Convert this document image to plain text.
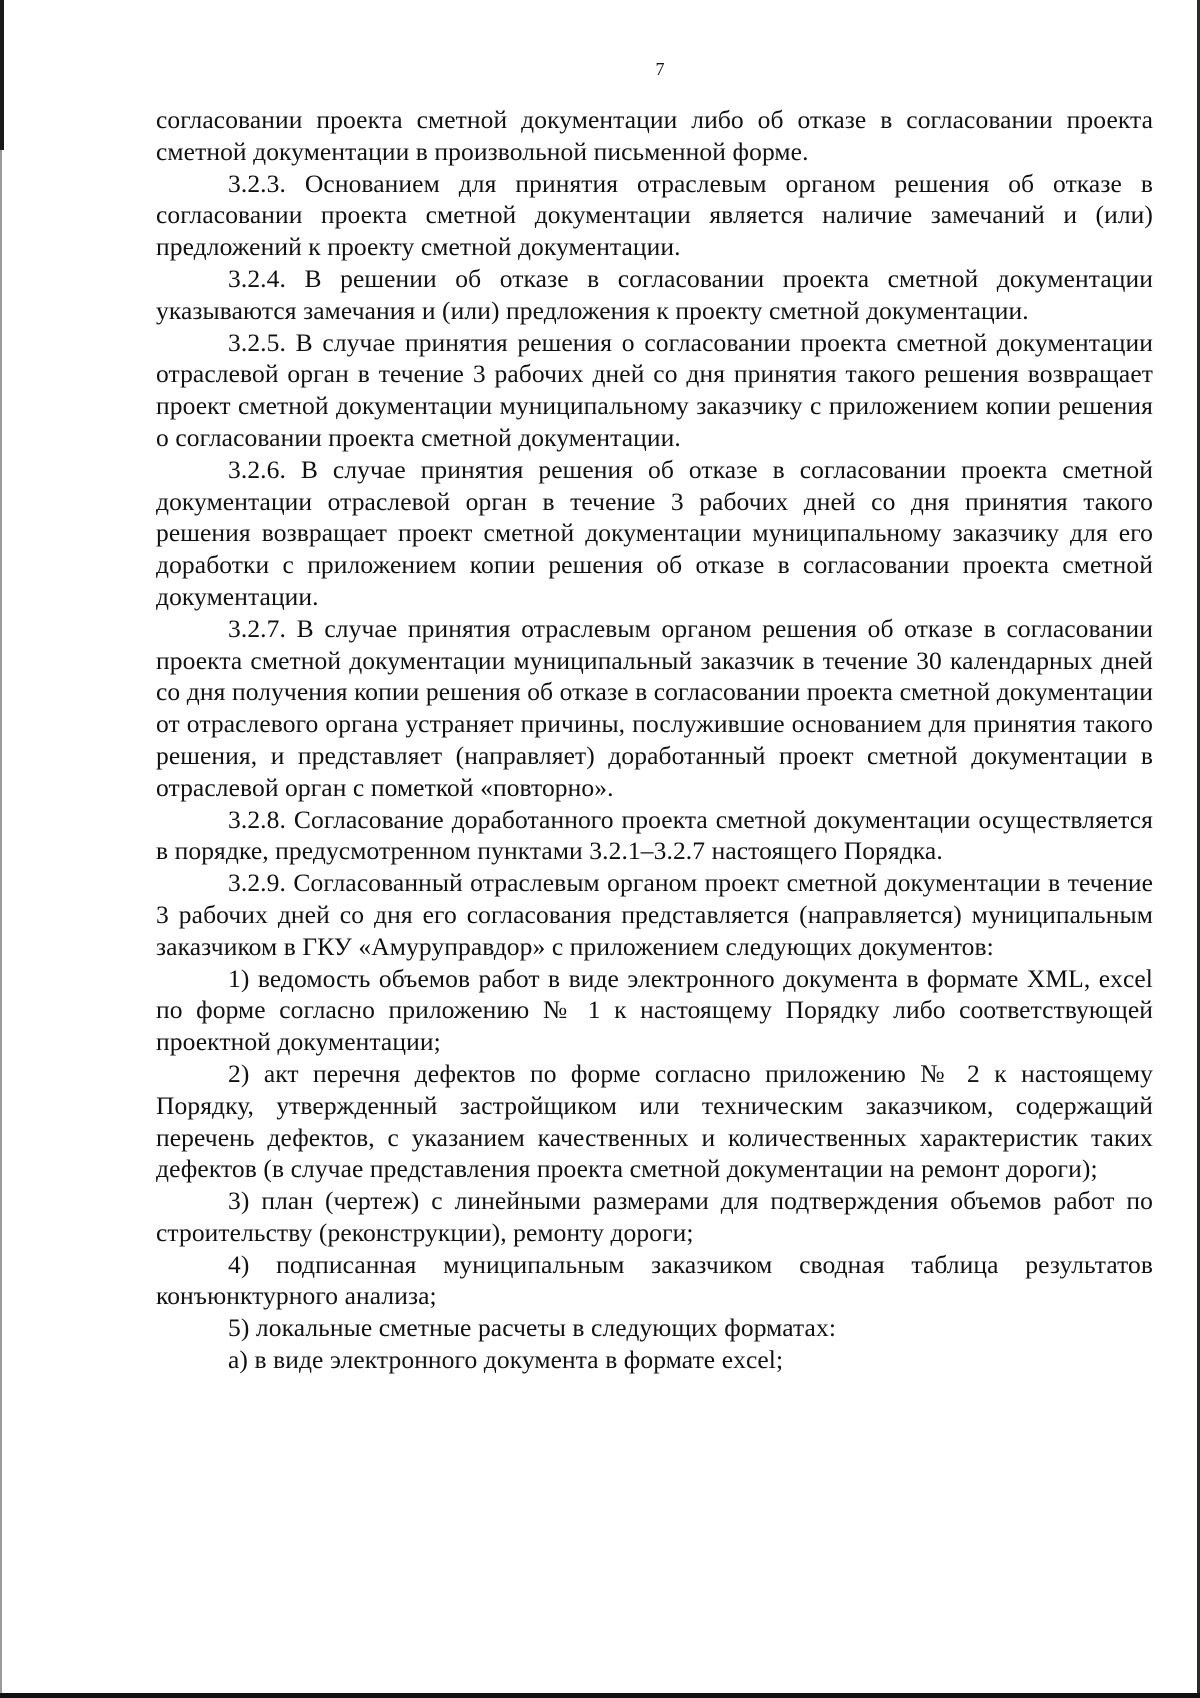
7

согласовании проекта сметной документации либо об отказе в согласовании проекта сметной документации в произвольной письменной форме.

3.2.3. Основанием для принятия отраслевым органом решения об отказе в согласовании проекта сметной документации является наличие замечаний и (или) предложений к проекту сметной документации.

3.2.4. В решении об отказе в согласовании проекта сметной документации указываются замечания и (или) предложения к проекту сметной документации.

3.2.5. В случае принятия решения о согласовании проекта сметной документации отраслевой орган в течение 3 рабочих дней со дня принятия такого решения возвращает проект сметной документации муниципальному заказчику с приложением копии решения о согласовании проекта сметной документации.

3.2.6. В случае принятия решения об отказе в согласовании проекта сметной документации отраслевой орган в течение 3 рабочих дней со дня принятия такого решения возвращает проект сметной документации муниципальному заказчику для его доработки с приложением копии решения об отказе в согласовании проекта сметной документации.

3.2.7. В случае принятия отраслевым органом решения об отказе в согласовании проекта сметной документации муниципальный заказчик в течение 30 календарных дней со дня получения копии решения об отказе в согласовании проекта сметной документации от отраслевого органа устраняет причины, послужившие основанием для принятия такого решения, и представляет (направляет) доработанный проект сметной документации в отраслевой орган с пометкой «повторно».

3.2.8. Согласование доработанного проекта сметной документации осуществляется в порядке, предусмотренном пунктами 3.2.1–3.2.7 настоящего Порядка.

3.2.9. Согласованный отраслевым органом проект сметной документации в течение 3 рабочих дней со дня его согласования представляется (направляется) муниципальным заказчиком в ГКУ «Амуруправдор» с приложением следующих документов:

1) ведомость объемов работ в виде электронного документа в формате XML, excel по форме согласно приложению № 1 к настоящему Порядку либо соответствующей проектной документации;

2) акт перечня дефектов по форме согласно приложению № 2 к настоящему Порядку, утвержденный застройщиком или техническим заказчиком, содержащий перечень дефектов, с указанием качественных и количественных характеристик таких дефектов (в случае представления проекта сметной документации на ремонт дороги);

3) план (чертеж) с линейными размерами для подтверждения объемов работ по строительству (реконструкции), ремонту дороги;

4) подписанная муниципальным заказчиком сводная таблица результатов конъюнктурного анализа;

5) локальные сметные расчеты в следующих форматах:

а) в виде электронного документа в формате excel;
